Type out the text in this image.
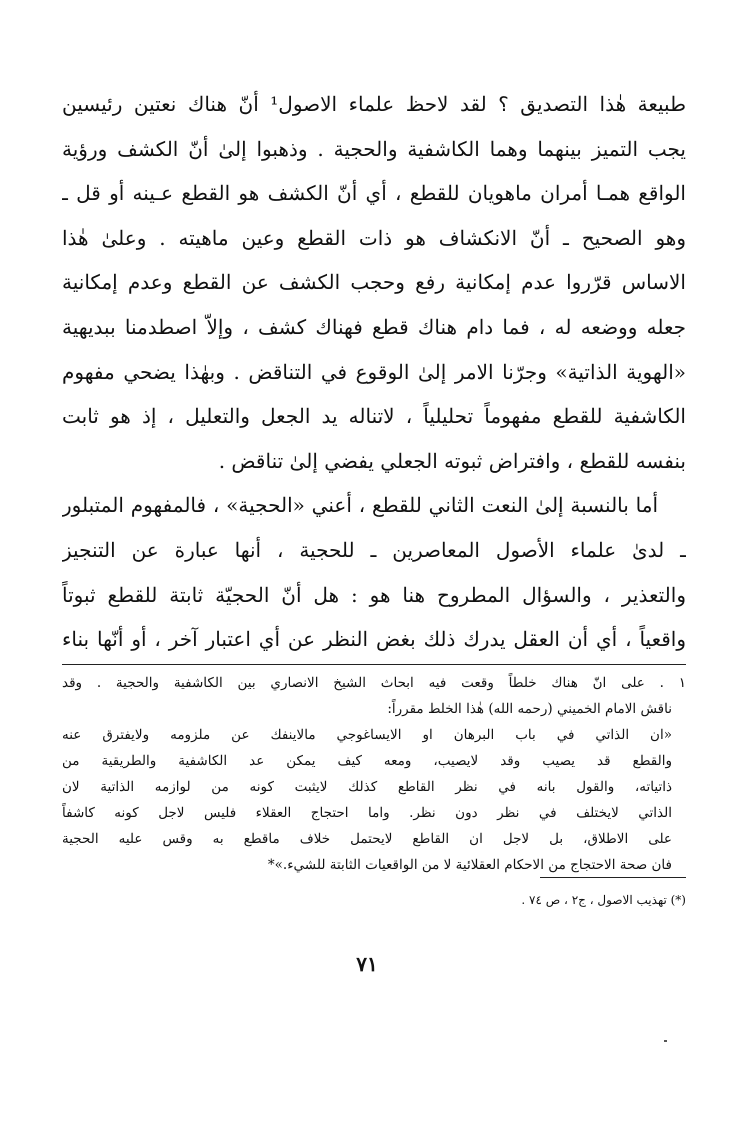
طبيعة هٰذا التصديق ؟ لقد لاحظ علماء الاصول¹ أنّ هناك نعتين رئيسين
يجب التميز بينهما وهما الكاشفية والحجية . وذهبوا إلىٰ أنّ الكشف ورؤية
الواقع همـا أمران ماهويان للقطع ، أي أنّ الكشف هو القطع عـينه أو قل ـ
وهو الصحيح ـ أنّ الانكشاف هو ذات القطع وعين ماهيته . وعلىٰ هٰذا
الاساس قرّروا عدم إمكانية رفع وحجب الكشف عن القطع وعدم إمكانية
جعله ووضعه له ، فما دام هناك قطع فهناك كشف ، وإلاّ اصطدمنا ببديهية
«الهوية الذاتية» وجرّنا الامر إلىٰ الوقوع في التناقض . وبهٰذا يضحي مفهوم
الكاشفية للقطع مفهوماً تحليلياً ، لاتناله يد الجعل والتعليل ، إذ هو ثابت
بنفسه للقطع ، وافتراض ثبوته الجعلي يفضي إلىٰ تناقض .
أما بالنسبة إلىٰ النعت الثاني للقطع ، أعني «الحجية» ، فالمفهوم المتبلور
ـ لدىٰ علماء الأصول المعاصرين ـ للحجية ، أنها عبارة عن التنجيز
والتعذير ، والسؤال المطروح هنا هو : هل أنّ الحجيّة ثابتة للقطع ثبوتاً
واقعياً ، أي أن العقل يدرك ذلك بغض النظر عن أي اعتبار آخر ، أو أنّها بناء
١ . على انّ هناك خلطاً وقعت فيه ابحاث الشيخ الانصاري بين الكاشفية والحجية . وقد
ناقش الامام الخميني (رحمه الله) هٰذا الخلط مقرراً:
«ان الذاتي في باب البرهان او الايساغوجي مالاينفك عن ملزومه ولايفترق عنه
والقطع قد يصيب وقد لايصيب، ومعه كيف يمكن عد الكاشفية والطريقية من
ذاتياته، والقول بانه في نظر القاطع كذلك لايثبت كونه من لوازمه الذاتية لان
الذاتي لايختلف في نظر دون نظر. واما احتجاج العقلاء فليس لاجل كونه كاشفاً
على الاطلاق، بل لاجل ان القاطع لايحتمل خلاف ماقطع به وقس عليه الحجية
فان صحة الاحتجاج من الاحكام العقلائية لا من الواقعيات الثابتة للشيء.»*
(*) تهذيب الاصول ، ج٢ ، ص ٧٤ .
٧١
